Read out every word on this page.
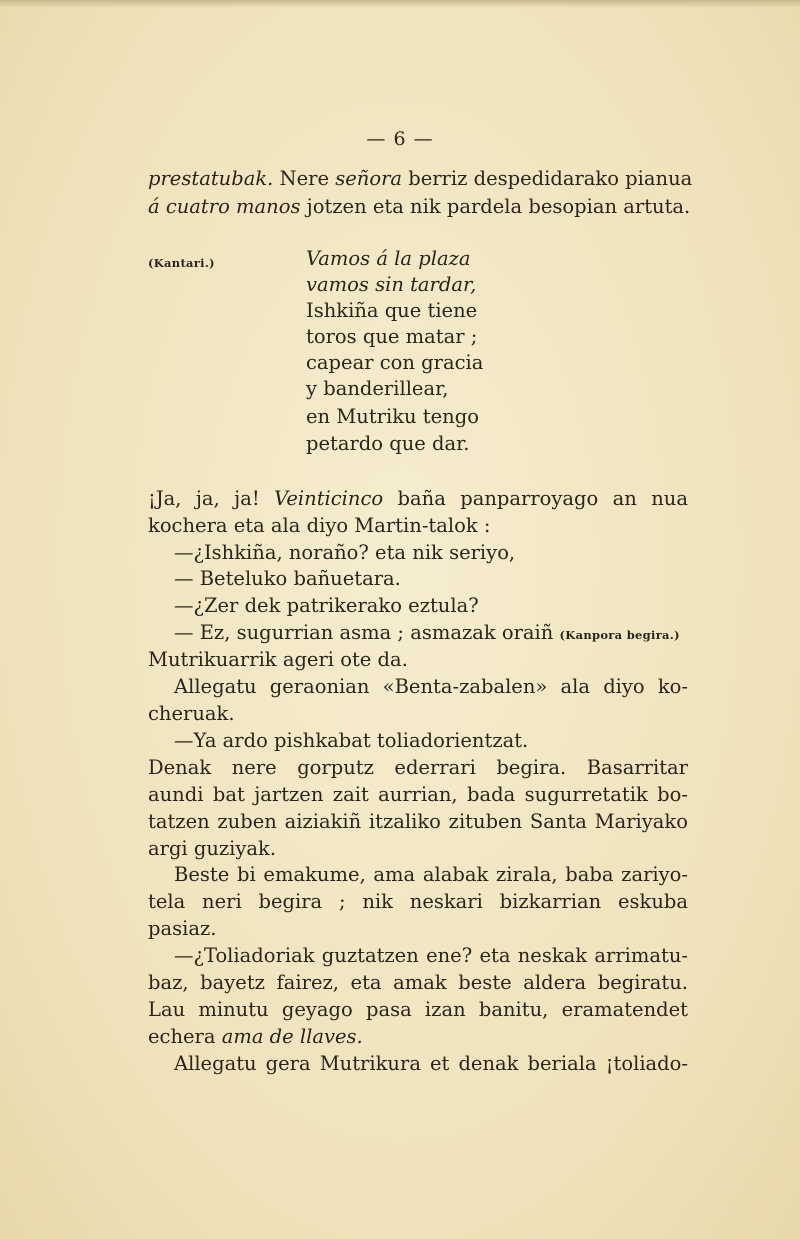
— 6 —
prestatubak. Nere señora berriz despedidarako pianua
á cuatro manos jotzen eta nik pardela besopian artuta.
(Kantari.)	Vamos á la plaza
vamos sin tardar,
Ishkiña que tiene
toros que matar ;
capear con gracia
y banderillear,
en Mutriku tengo
petardo que dar.
¡Ja, ja, ja! Veinticinco baña panparroyago an nua
kochera eta ala diyo Martin-talok :
—¿Ishkiña, noraño? eta nik seriyo,
— Beteluko bañuetara.
—¿Zer dek patrikerako eztula?
— Ez, sugurrian asma ; asmazak oraiñ (Kanpora begira.)
Mutrikuarrik ageri ote da.
Allegatu geraonian «Benta-zabalen» ala diyo ko-
cheruak.
—Ya ardo pishkabat toliadorientzat.
Denak nere gorputz ederrari begira. Basarritar
aundi bat jartzen zait aurrian, bada sugurretatik bo-
tatzen zuben aiziakiñ itzaliko zituben Santa Mariyako
argi guziyak.
Beste bi emakume, ama alabak zirala, baba zariyo-
tela neri begira ; nik neskari bizkarrian eskuba
pasiaz.
—¿Toliadoriak guztatzen ene? eta neskak arrimatu-
baz, bayetz fairez, eta amak beste aldera begiratu.
Lau minutu geyago pasa izan banitu, eramatendet
echera ama de llaves.
Allegatu gera Mutrikura et denak beriala ¡toliado-
